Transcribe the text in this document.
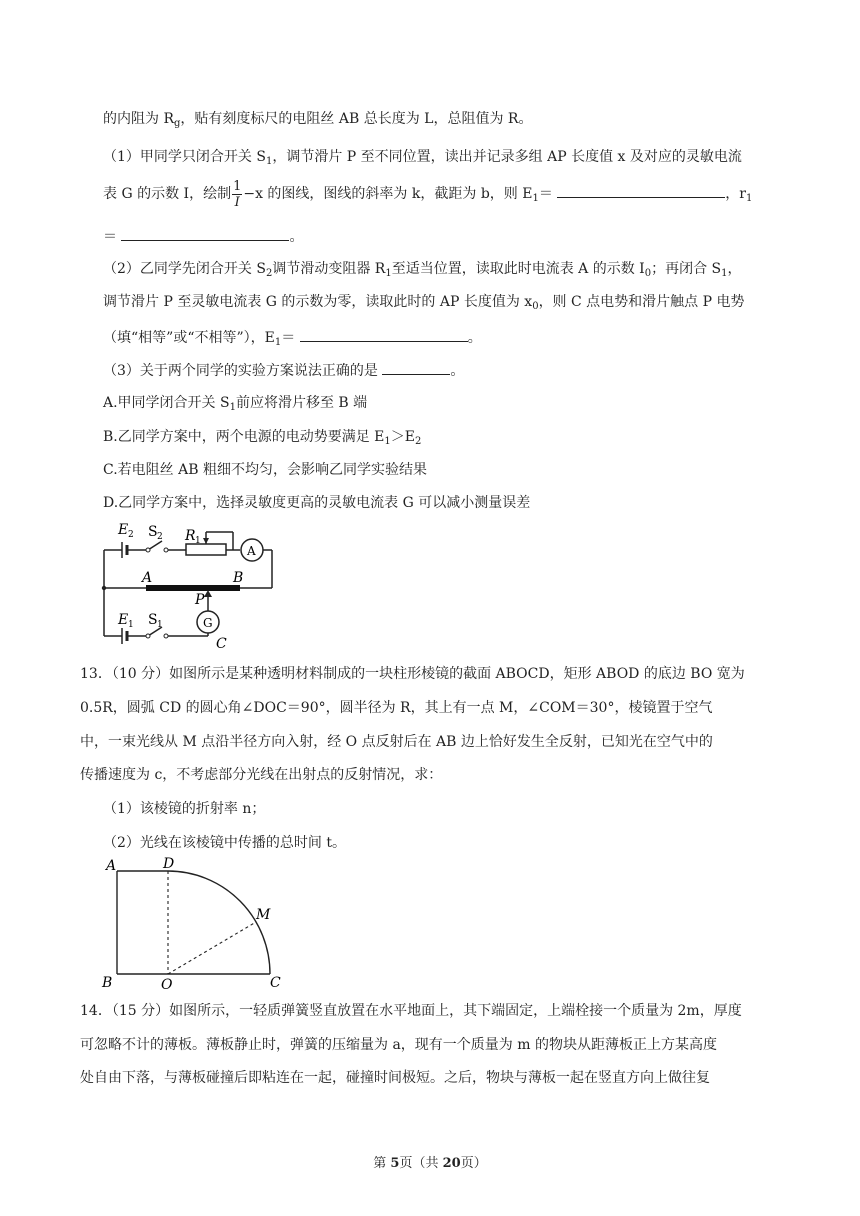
的内阻为 $R_g$，贴有刻度标尺的电阻丝 AB 总长度为 L，总阻值为 R。
（1）甲同学只闭合开关 $S_1$，调节滑片 P 至不同位置，读出并记录多组 AP 长度值 x 及对应的灵敏电流
表 G 的示数 I，绘制 $\frac{1}{I} -x$ 的图线，图线的斜率为 k，截距为 b，则 $E_1=$	，$r_1$
＝	。
（2）乙同学先闭合开关 $S_2$调节滑动变阻器 $R_1$至适当位置，读取此时电流表 A 的示数 $I_0$；再闭合 $S_1$，
调节滑片 P 至灵敏电流表 G 的示数为零，读取此时的 AP 长度值为 $x_0$，则 C 点电势和滑片触点 P 电势
（填“相等”或“不相等”），$E_1=$	。
（3）关于两个同学的实验方案说法正确的是	。
A.甲同学闭合开关 $S_1$前应将滑片移至 B 端
B.乙同学方案中，两个电源的电动势要满足 $E_1>E_2$
C.若电阻丝 AB 粗细不均匀，会影响乙同学实验结果
D.乙同学方案中，选择灵敏度更高的灵敏电流表 G 可以减小测量误差
E 2 S 2 R 1
A
A	B
P
E 1 S 1	G
C
13．（10 分）如图所示是某种透明材料制成的一块柱形棱镜的截面 ABOCD，矩形 ABOD 的底边 BO 宽为
0.5R，圆弧 CD 的圆心角∠DOC＝90°，圆半径为 R，其上有一点 M，∠COM＝30°，棱镜置于空气
中，一束光线从 M 点沿半径方向入射，经 O 点反射后在 AB 边上恰好发生全反射，已知光在空气中的
传播速度为 c，不考虑部分光线在出射点的反射情况，求：
（1）该棱镜的折射率 n；
（2）光线在该棱镜中传播的总时间 t。
A	D
M
B	O	C
14．（15 分）如图所示，一轻质弹簧竖直放置在水平地面上，其下端固定，上端栓接一个质量为 2m，厚度
可忽略不计的薄板。薄板静止时，弹簧的压缩量为 a，现有一个质量为 m 的物块从距薄板正上方某高度
处自由下落，与薄板碰撞后即粘连在一起，碰撞时间极短。之后，物块与薄板一起在竖直方向上做往复
第 5页（共 20页）
